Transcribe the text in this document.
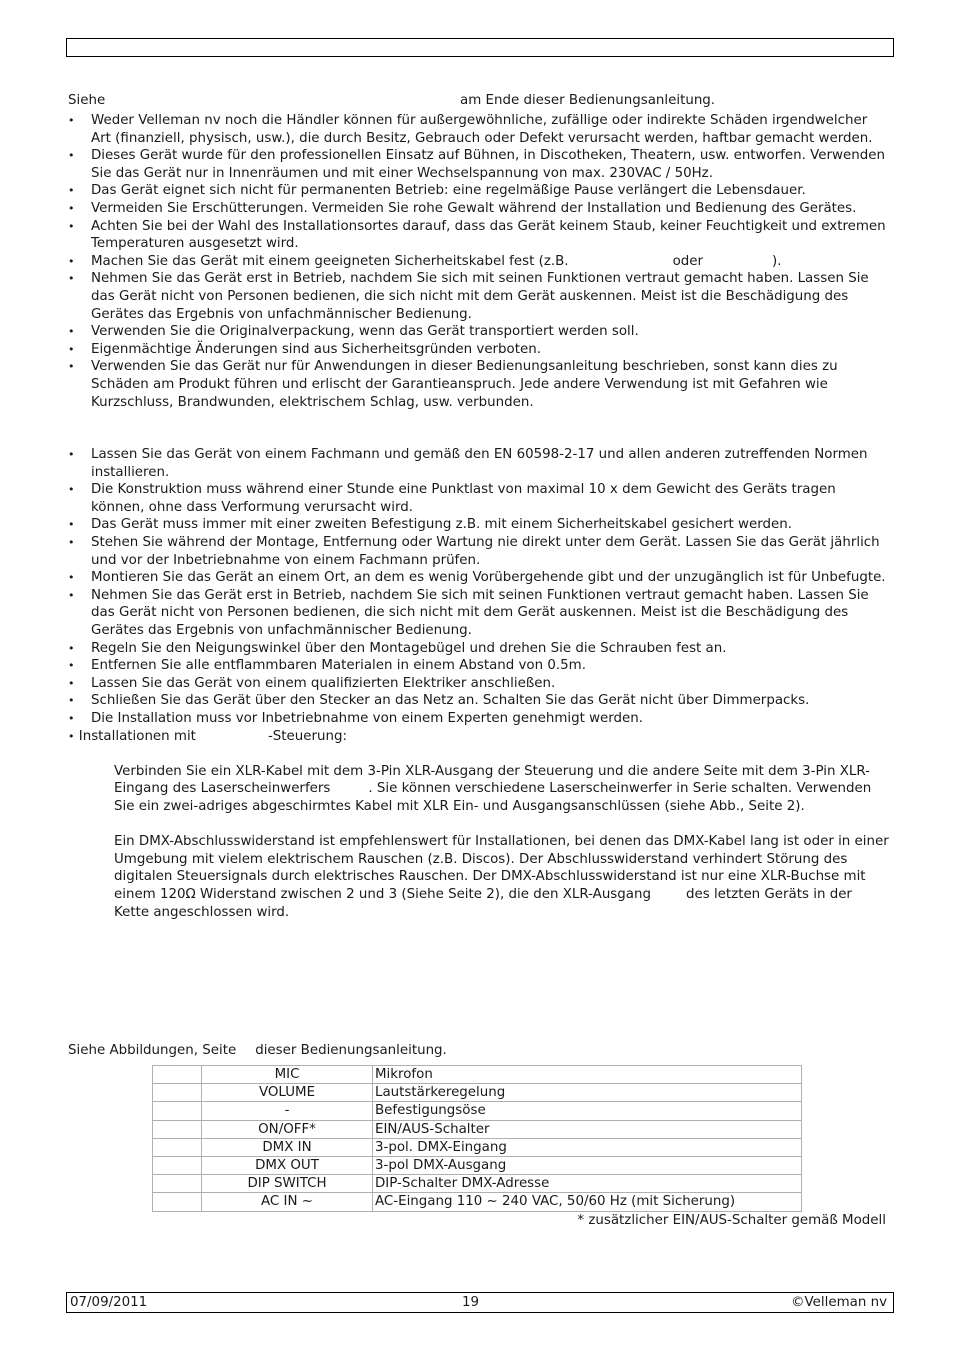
Siehe	am Ende dieser Bedienungsanleitung.
• Weder Velleman nv noch die Händler können für außergewöhnliche, zufällige oder indirekte Schäden irgendwelcher Art (finanziell, physisch, usw.), die durch Besitz, Gebrauch oder Defekt verursacht werden, haftbar gemacht werden.
• Dieses Gerät wurde für den professionellen Einsatz auf Bühnen, in Discotheken, Theatern, usw. entworfen. Verwenden Sie das Gerät nur in Innenräumen und mit einer Wechselspannung von max. 230VAC / 50Hz.
• Das Gerät eignet sich nicht für permanenten Betrieb: eine regelmäßige Pause verlängert die Lebensdauer.
• Vermeiden Sie Erschütterungen. Vermeiden Sie rohe Gewalt während der Installation und Bedienung des Gerätes.
• Achten Sie bei der Wahl des Installationsortes darauf, dass das Gerät keinem Staub, keiner Feuchtigkeit und extremen Temperaturen ausgesetzt wird.
• Machen Sie das Gerät mit einem geeigneten Sicherheitskabel fest (z.B.	oder	).
• Nehmen Sie das Gerät erst in Betrieb, nachdem Sie sich mit seinen Funktionen vertraut gemacht haben. Lassen Sie das Gerät nicht von Personen bedienen, die sich nicht mit dem Gerät auskennen. Meist ist die Beschädigung des Gerätes das Ergebnis von unfachmännischer Bedienung.
• Verwenden Sie die Originalverpackung, wenn das Gerät transportiert werden soll.
• Eigenmächtige Änderungen sind aus Sicherheitsgründen verboten.
• Verwenden Sie das Gerät nur für Anwendungen in dieser Bedienungsanleitung beschrieben, sonst kann dies zu Schäden am Produkt führen und erlischt der Garantieanspruch. Jede andere Verwendung ist mit Gefahren wie Kurzschluss, Brandwunden, elektrischem Schlag, usw. verbunden.
• Lassen Sie das Gerät von einem Fachmann und gemäß den EN 60598-2-17 und allen anderen zutreffenden Normen installieren.
• Die Konstruktion muss während einer Stunde eine Punktlast von maximal 10 x dem Gewicht des Geräts tragen können, ohne dass Verformung verursacht wird.
• Das Gerät muss immer mit einer zweiten Befestigung z.B. mit einem Sicherheitskabel gesichert werden.
• Stehen Sie während der Montage, Entfernung oder Wartung nie direkt unter dem Gerät. Lassen Sie das Gerät jährlich und vor der Inbetriebnahme von einem Fachmann prüfen.
• Montieren Sie das Gerät an einem Ort, an dem es wenig Vorübergehende gibt und der unzugänglich ist für Unbefugte.
• Nehmen Sie das Gerät erst in Betrieb, nachdem Sie sich mit seinen Funktionen vertraut gemacht haben. Lassen Sie das Gerät nicht von Personen bedienen, die sich nicht mit dem Gerät auskennen. Meist ist die Beschädigung des Gerätes das Ergebnis von unfachmännischer Bedienung.
• Regeln Sie den Neigungswinkel über den Montagebügel und drehen Sie die Schrauben fest an.
• Entfernen Sie alle entflammbaren Materialen in einem Abstand von 0.5m.
• Lassen Sie das Gerät von einem qualifizierten Elektriker anschließen.
• Schließen Sie das Gerät über den Stecker an das Netz an. Schalten Sie das Gerät nicht über Dimmerpacks.
• Die Installation muss vor Inbetriebnahme von einem Experten genehmigt werden.
• Installationen mit	-Steuerung:
Verbinden Sie ein XLR-Kabel mit dem 3-Pin XLR-Ausgang der Steuerung und die andere Seite mit dem 3-Pin XLR-Eingang des Laserscheinwerfers	. Sie können verschiedene Laserscheinwerfer in Serie schalten. Verwenden Sie ein zwei-adriges abgeschirmtes Kabel mit XLR Ein- und Ausgangsanschlüssen (siehe Abb., Seite 2).
Ein DMX-Abschlusswiderstand ist empfehlenswert für Installationen, bei denen das DMX-Kabel lang ist oder in einer Umgebung mit vielem elektrischem Rauschen (z.B. Discos). Der Abschlusswiderstand verhindert Störung des digitalen Steuersignals durch elektrisches Rauschen. Der DMX-Abschlusswiderstand ist nur eine XLR-Buchse mit einem 120Ω Widerstand zwischen 2 und 3 (Siehe Seite 2), die den XLR-Ausgang	des letzten Geräts in der Kette angeschlossen wird.
Siehe Abbildungen, Seite dieser Bedienungsanleitung.
	MIC	Mikrofon
	VOLUME	Lautstärkeregelung
	-	Befestigungsöse
	ON/OFF*	EIN/AUS-Schalter
	DMX IN	3-pol. DMX-Eingang
	DMX OUT	3-pol DMX-Ausgang
	DIP SWITCH	DIP-Schalter DMX-Adresse
	AC IN ~	AC-Eingang 110 ~ 240 VAC, 50/60 Hz (mit Sicherung)
* zusätzlicher EIN/AUS-Schalter gemäß Modell
07/09/2011	19	©Velleman nv
